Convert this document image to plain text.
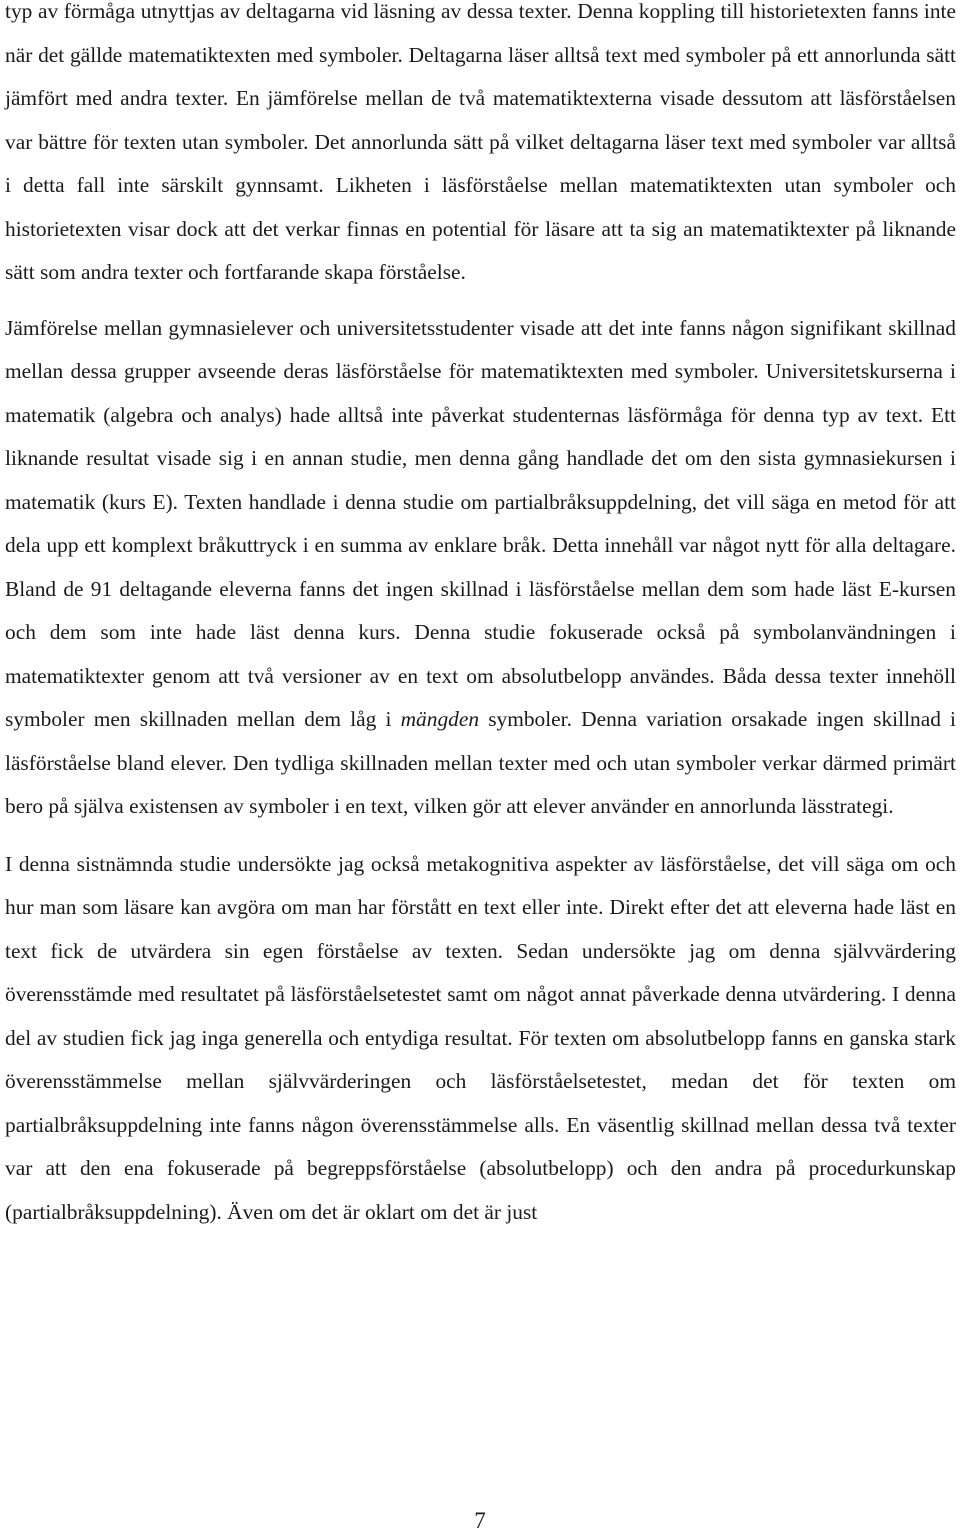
typ av förmåga utnyttjas av deltagarna vid läsning av dessa texter. Denna koppling till historietexten fanns inte när det gällde matematiktexten med symboler. Deltagarna läser alltså text med symboler på ett annorlunda sätt jämfört med andra texter. En jämförelse mellan de två matematiktexterna visade dessutom att läsförståelsen var bättre för texten utan symboler. Det annorlunda sätt på vilket deltagarna läser text med symboler var alltså i detta fall inte särskilt gynnsamt. Likheten i läsförståelse mellan matematiktexten utan symboler och historietexten visar dock att det verkar finnas en potential för läsare att ta sig an matematiktexter på liknande sätt som andra texter och fortfarande skapa förståelse.

Jämförelse mellan gymnasielever och universitetsstudenter visade att det inte fanns någon signifikant skillnad mellan dessa grupper avseende deras läsförståelse för matematiktexten med symboler. Universitetskurserna i matematik (algebra och analys) hade alltså inte påverkat studenternas läsförmåga för denna typ av text. Ett liknande resultat visade sig i en annan studie, men denna gång handlade det om den sista gymnasiekursen i matematik (kurs E). Texten handlade i denna studie om partialbråksuppdelning, det vill säga en metod för att dela upp ett komplext bråkuttryck i en summa av enklare bråk. Detta innehåll var något nytt för alla deltagare. Bland de 91 deltagande eleverna fanns det ingen skillnad i läsförståelse mellan dem som hade läst E-kursen och dem som inte hade läst denna kurs. Denna studie fokuserade också på symbolanvändningen i matematiktexter genom att två versioner av en text om absolutbelopp användes. Båda dessa texter innehöll symboler men skillnaden mellan dem låg i mängden symboler. Denna variation orsakade ingen skillnad i läsförståelse bland elever. Den tydliga skillnaden mellan texter med och utan symboler verkar därmed primärt bero på själva existensen av symboler i en text, vilken gör att elever använder en annorlunda lässtrategi.

I denna sistnämnda studie undersökte jag också metakognitiva aspekter av läsförståelse, det vill säga om och hur man som läsare kan avgöra om man har förstått en text eller inte. Direkt efter det att eleverna hade läst en text fick de utvärdera sin egen förståelse av texten. Sedan undersökte jag om denna självvärdering överensstämde med resultatet på läsförståelsetestet samt om något annat påverkade denna utvärdering. I denna del av studien fick jag inga generella och entydiga resultat. För texten om absolutbelopp fanns en ganska stark överensstämmelse mellan självvärderingen och läsförståelsetestet, medan det för texten om partialbråksuppdelning inte fanns någon överensstämmelse alls. En väsentlig skillnad mellan dessa två texter var att den ena fokuserade på begreppsförståelse (absolutbelopp) och den andra på procedurkunskap (partialbråksuppdelning). Även om det är oklart om det är just

7
